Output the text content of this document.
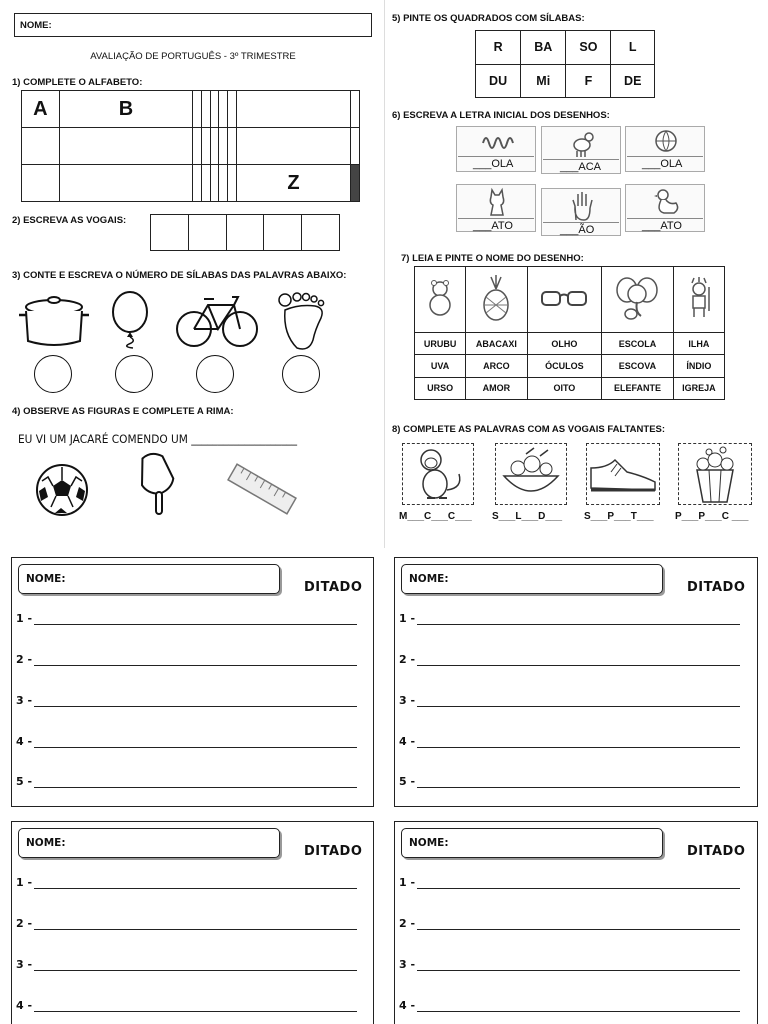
NOME:
AVALIAÇÃO DE PORTUGUÊS - 3º TRIMESTRE
1) COMPLETE O ALFABETO:
A	B							

							Z	
2) ESCREVA AS VOGAIS:

3) CONTE E ESCREVA O NÚMERO DE SÍLABAS DAS PALAVRAS ABAIXO:
4) OBSERVE AS FIGURAS E COMPLETE A RIMA:
EU VI UM JACARÉ COMENDO UM ____________________
5) PINTE OS QUADRADOS COM SÍLABAS:
R	BA	SO	L
DU	Mi	F	DE
6) ESCREVA A LETRA INICIAL DOS DESENHOS:
___OLA	___ACA	___OLA
___ATO	___ÃO	___ATO
7) LEIA E PINTE O NOME DO DESENHO:

URUBU	ABACAXI	OLHO	ESCOLA	ILHA
UVA	ARCO	ÓCULOS	ESCOVA	ÍNDIO
URSO	AMOR	OITO	ELEFANTE	IGREJA
8) COMPLETE AS PALAVRAS COM AS VOGAIS FALTANTES:
M___C___C___ S___L___D___ S___P___T___ P___P___C ___
NOME:
DITADO
1 -
2 -
3 -
4 -
5 -
NOME:
DITADO
1 -
2 -
3 -
4 -
5 -
NOME:
DITADO
1 -
2 -
3 -
4 -
NOME:
DITADO
1 -
2 -
3 -
4 -
